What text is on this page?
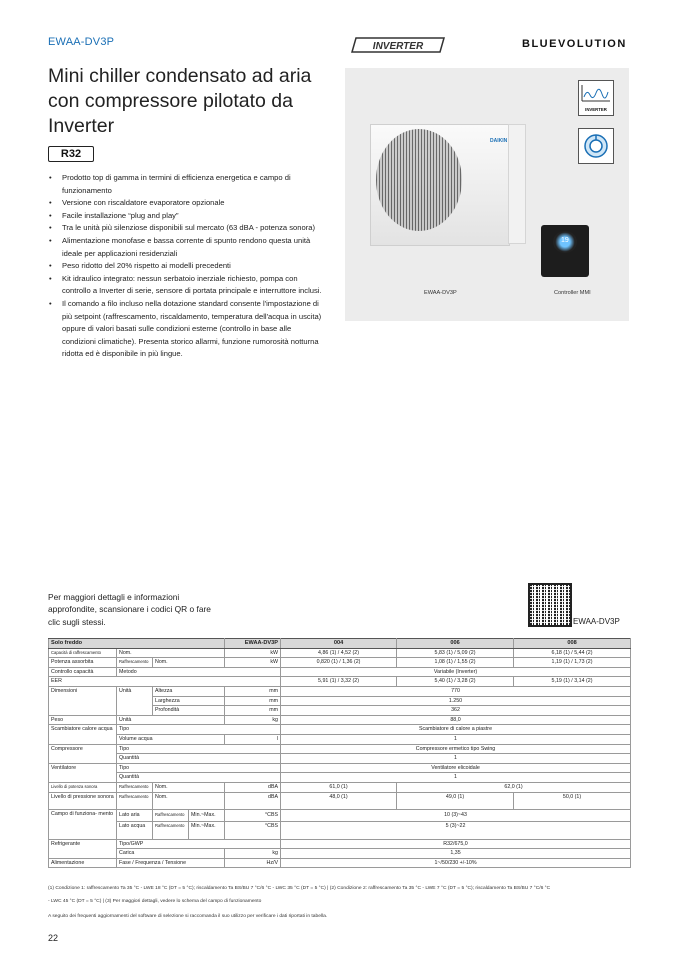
EWAA-DV3P	INVERTER	BLUEVOLUTION
Mini chiller condensato ad aria con compressore pilotato da Inverter
R32
• Prodotto top di gamma in termini di efficienza energetica e campo di funzionamento
• Versione con riscaldatore evaporatore opzionale
• Facile installazione “plug and play”
• Tra le unità più silenziose disponibili sul mercato (63 dBA - potenza sonora)
• Alimentazione monofase e bassa corrente di spunto rendono questa unità ideale per applicazioni residenziali
• Peso ridotto del 20% rispetto ai modelli precedenti
• Kit idraulico integrato: nessun serbatoio inerziale richiesto, pompa con controllo a Inverter di serie, sensore di portata principale e interruttore inclusi.
• Il comando a filo incluso nella dotazione standard consente l'impostazione di più setpoint (raffrescamento, riscaldamento, temperatura dell'acqua in uscita) oppure di valori basati sulle condizioni esterne (controllo in base alle condizioni climatiche). Presenta storico allarmi, funzione rumorosità notturna ridotta ed è disponibile in più lingue.
DAIKIN
INVERTER
19
EWAA-DV3P	Controller MMI
Per maggiori dettagli e informazioni approfondite, scansionare i codici QR o fare clic sugli stessi.	EWAA-DV3P
Solo freddo				EWAA-DV3P	004	006	008
Capacità di raffrescamento	Nom.			kW	4,86 (1) / 4,52 (2)	5,83 (1) / 5,09 (2)	6,18 (1) / 5,44 (2)
Potenza assorbita	Raffrescamento	Nom.		kW	0,820 (1) / 1,36 (2)	1,08 (1) / 1,55 (2)	1,19 (1) / 1,73 (2)
Controllo capacità	Metodo				Variabile (Inverter)		
EER					5,91 (1) / 3,32 (2)	5,40 (1) / 3,28 (2)	5,19 (1) / 3,14 (2)
Dimensioni	Unità	Altezza		mm	770		
		Larghezza		mm	1.250		
		Profondità		mm	362		
Peso	Unità			kg	88,0		
Scambiatore calore acqua	Tipo				Scambiatore di calore a piastre		
	Volume acqua			l	1		
Compressore	Tipo				Compressore ermetico tipo Swing		
	Quantità				1		
Ventilatore	Tipo				Ventilatore elicoidale		
	Quantità				1		
Livello di potenza sonora	Raffrescamento	Nom.		dBA	61,0 (1)	62,0 (1)	
Livello di pressione sonora	Raffrescamento	Nom.		dBA	48,0 (1)	49,0 (1)	50,0 (1)
Campo di funziona- mento	Lato aria	Raffrescamento	Min.~Max.	°CBS	10 (3)~43		
	Lato acqua	Raffrescamento	Min.~Max.	°CBS	5 (3)~22		
Refrigerante	Tipo/GWP				R32/675,0		
	Carica			kg	1,35		
Alimentazione	Fase / Frequenza / Tensione			Hz/V	1~/50/230 +/-10%		
(1) Condizione 1: raffrescamento Ta 35 °C - LWE 18 °C (DT = 5 °C); riscaldamento Ta BS/BU 7 °C/6 °C - LWC 35 °C (DT = 5 °C) | (2) Condizione 2: raffrescamento Ta 35 °C - LWE 7 °C (DT = 5 °C); riscaldamento Ta BS/BU 7 °C/6 °C
- LWC 45 °C (DT = 5 °C) | (3) Per maggiori dettagli, vedere lo schema del campo di funzionamento
A seguito dei frequenti aggiornamenti del software di selezione si raccomanda il suo utilizzo per verificare i dati riportati in tabella.
22
